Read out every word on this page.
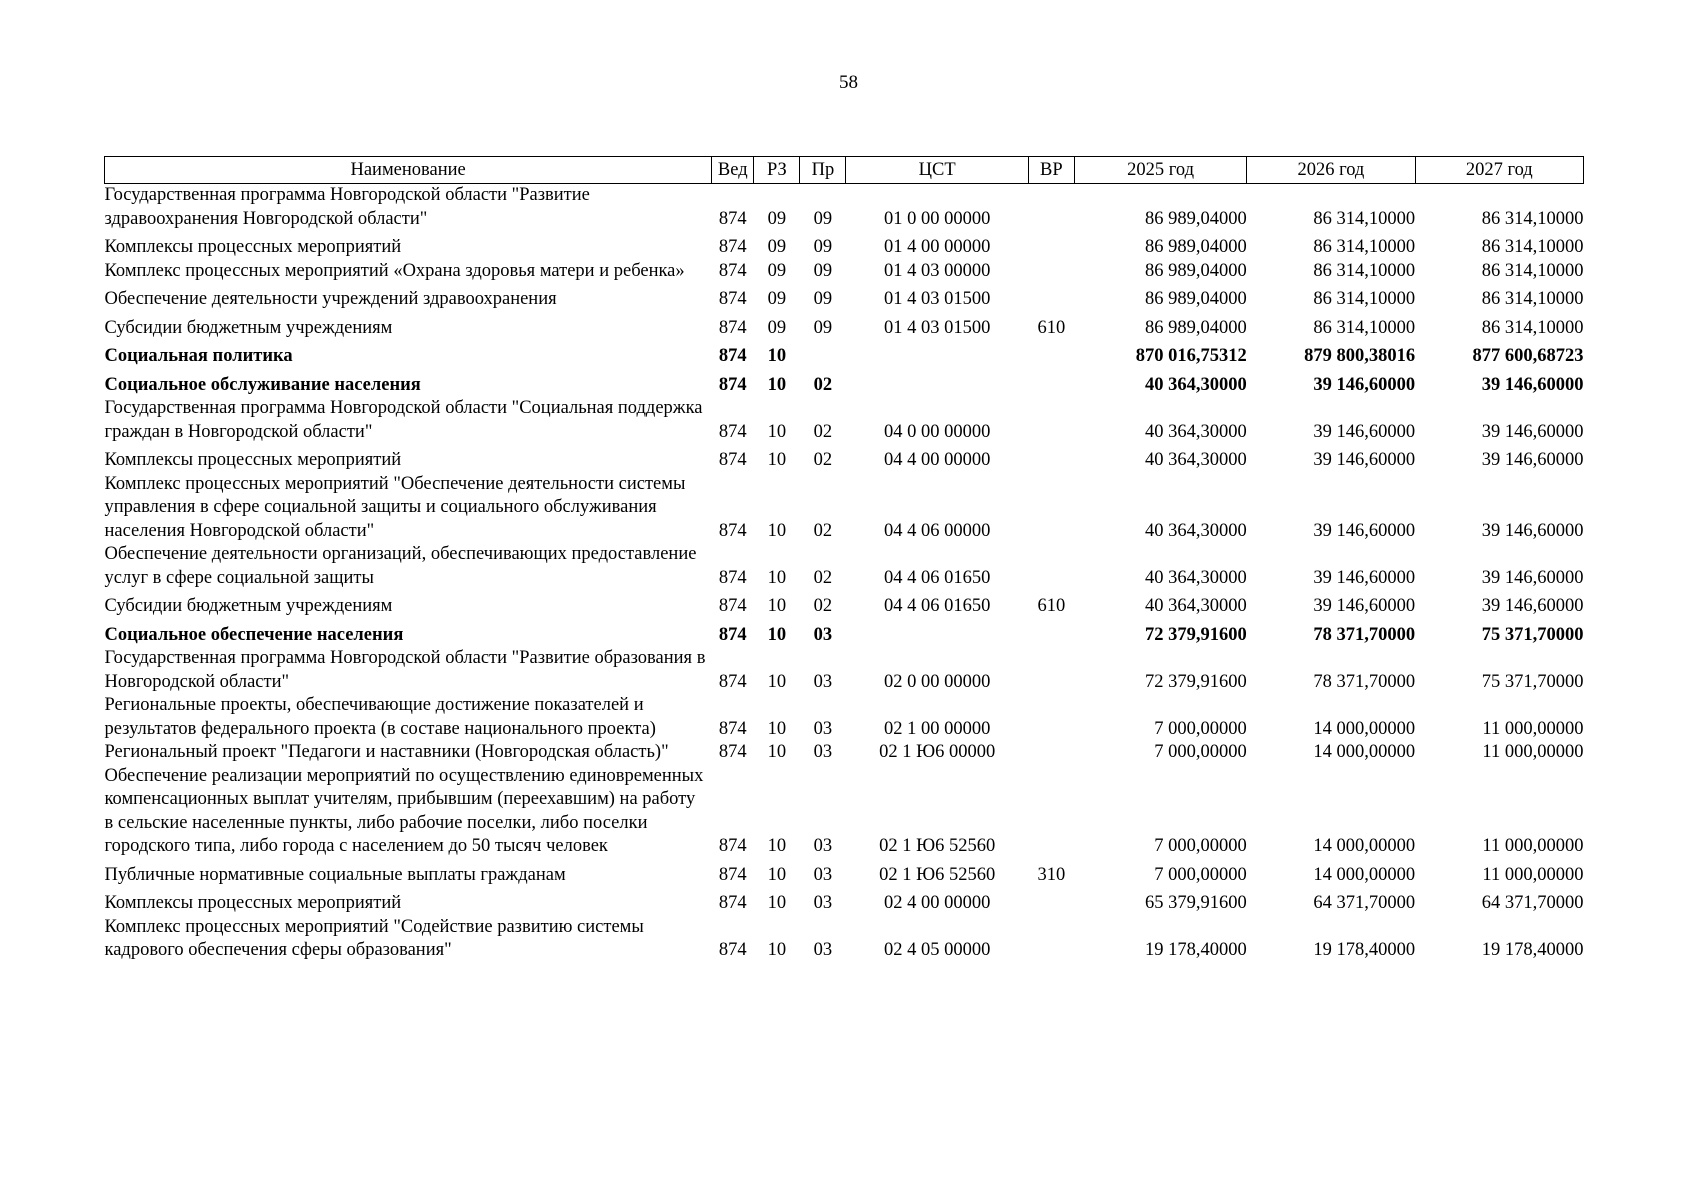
58
Наименование	Вед	РЗ	Пр	ЦСТ	ВР	2025 год	2026 год	2027 год
Государственная программа Новгородской области "Развитие здравоохранения Новгородской области"	874	09	09	01 0 00 00000		86 989,04000	86 314,10000	86 314,10000
Комплексы процессных мероприятий	874	09	09	01 4 00 00000		86 989,04000	86 314,10000	86 314,10000
Комплекс процессных мероприятий «Охрана здоровья матери и ребенка»	874	09	09	01 4 03 00000		86 989,04000	86 314,10000	86 314,10000
Обеспечение деятельности учреждений здравоохранения	874	09	09	01 4 03 01500		86 989,04000	86 314,10000	86 314,10000
Субсидии бюджетным учреждениям	874	09	09	01 4 03 01500	610	86 989,04000	86 314,10000	86 314,10000
Социальная политика	874	10				870 016,75312	879 800,38016	877 600,68723
Социальное обслуживание населения	874	10	02			40 364,30000	39 146,60000	39 146,60000
Государственная программа Новгородской области "Социальная поддержка граждан в Новгородской области"	874	10	02	04 0 00 00000		40 364,30000	39 146,60000	39 146,60000
Комплексы процессных мероприятий	874	10	02	04 4 00 00000		40 364,30000	39 146,60000	39 146,60000
Комплекс процессных мероприятий "Обеспечение деятельности системы управления в сфере социальной защиты и социального обслуживания населения Новгородской области"	874	10	02	04 4 06 00000		40 364,30000	39 146,60000	39 146,60000
Обеспечение деятельности организаций, обеспечивающих предоставление услуг в сфере социальной защиты	874	10	02	04 4 06 01650		40 364,30000	39 146,60000	39 146,60000
Субсидии бюджетным учреждениям	874	10	02	04 4 06 01650	610	40 364,30000	39 146,60000	39 146,60000
Социальное обеспечение населения	874	10	03			72 379,91600	78 371,70000	75 371,70000
Государственная программа Новгородской области "Развитие образования в Новгородской области"	874	10	03	02 0 00 00000		72 379,91600	78 371,70000	75 371,70000
Региональные проекты, обеспечивающие достижение показателей и результатов федерального проекта (в составе национального проекта)	874	10	03	02 1 00 00000		7 000,00000	14 000,00000	11 000,00000
Региональный проект "Педагоги и наставники (Новгородская область)"	874	10	03	02 1 Ю6 00000		7 000,00000	14 000,00000	11 000,00000
Обеспечение реализации мероприятий по осуществлению единовременных компенсационных выплат учителям, прибывшим (переехавшим) на работу в сельские населенные пункты, либо рабочие поселки, либо поселки городского типа, либо города с населением до 50 тысяч человек	874	10	03	02 1 Ю6 52560		7 000,00000	14 000,00000	11 000,00000
Публичные нормативные социальные выплаты гражданам	874	10	03	02 1 Ю6 52560	310	7 000,00000	14 000,00000	11 000,00000
Комплексы процессных мероприятий	874	10	03	02 4 00 00000		65 379,91600	64 371,70000	64 371,70000
Комплекс процессных мероприятий "Содействие развитию системы кадрового обеспечения сферы образования"	874	10	03	02 4 05 00000		19 178,40000	19 178,40000	19 178,40000
